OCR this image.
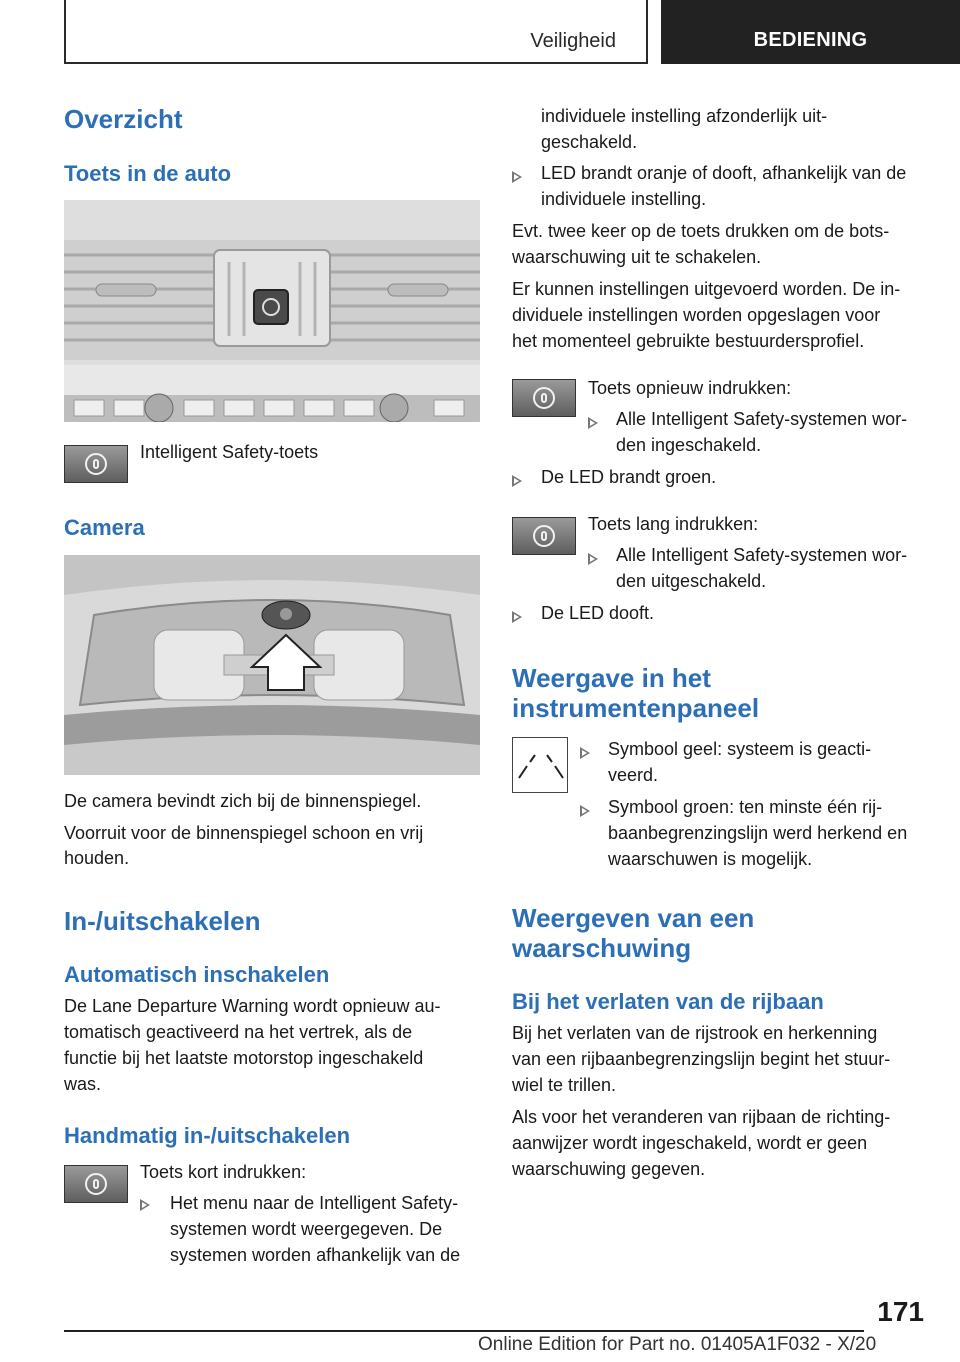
Veiligheid	BEDIENING
Overzicht
Toets in de auto

Intelligent Safety-toets

Camera

De camera bevindt zich bij de binnenspiegel.

Voorruit voor de binnenspiegel schoon en vrij

houden.

In-/uitschakelen
Automatisch inschakelen

De Lane Departure Warning wordt opnieuw au‐

tomatisch geactiveerd na het vertrek, als de

functie bij het laatste motorstop ingeschakeld

was.

Handmatig in-/uitschakelen

Toets kort indrukken:

Het menu naar de Intelligent Safety-

systemen wordt weergegeven. De

systemen worden afhankelijk van de

individuele instelling afzonderlijk uit‐

geschakeld.

LED brandt oranje of dooft, afhankelijk van de

individuele instelling.

Evt. twee keer op de toets drukken om de bots‐

waarschuwing uit te schakelen.

Er kunnen instellingen uitgevoerd worden. De in‐

dividuele instellingen worden opgeslagen voor

het momenteel gebruikte bestuurdersprofiel.

Toets opnieuw indrukken:

Alle Intelligent Safety-systemen wor‐

den ingeschakeld.

De LED brandt groen.

Toets lang indrukken:

Alle Intelligent Safety-systemen wor‐

den uitgeschakeld.

De LED dooft.

Weergave in het
instrumentenpaneel

Symbool geel: systeem is geacti‐

veerd.

Symbool groen: ten minste één rij‐

baanbegrenzingslijn werd herkend en

waarschuwen is mogelijk.

Weergeven van een
waarschuwing
Bij het verlaten van de rijbaan

Bij het verlaten van de rijstrook en herkenning

van een rijbaanbegrenzingslijn begint het stuur‐

wiel te trillen.

Als voor het veranderen van rijbaan de richting‐

aanwijzer wordt ingeschakeld, wordt er geen

waarschuwing gegeven.

171
Online Edition for Part no. 01405A1F032 - X/20
